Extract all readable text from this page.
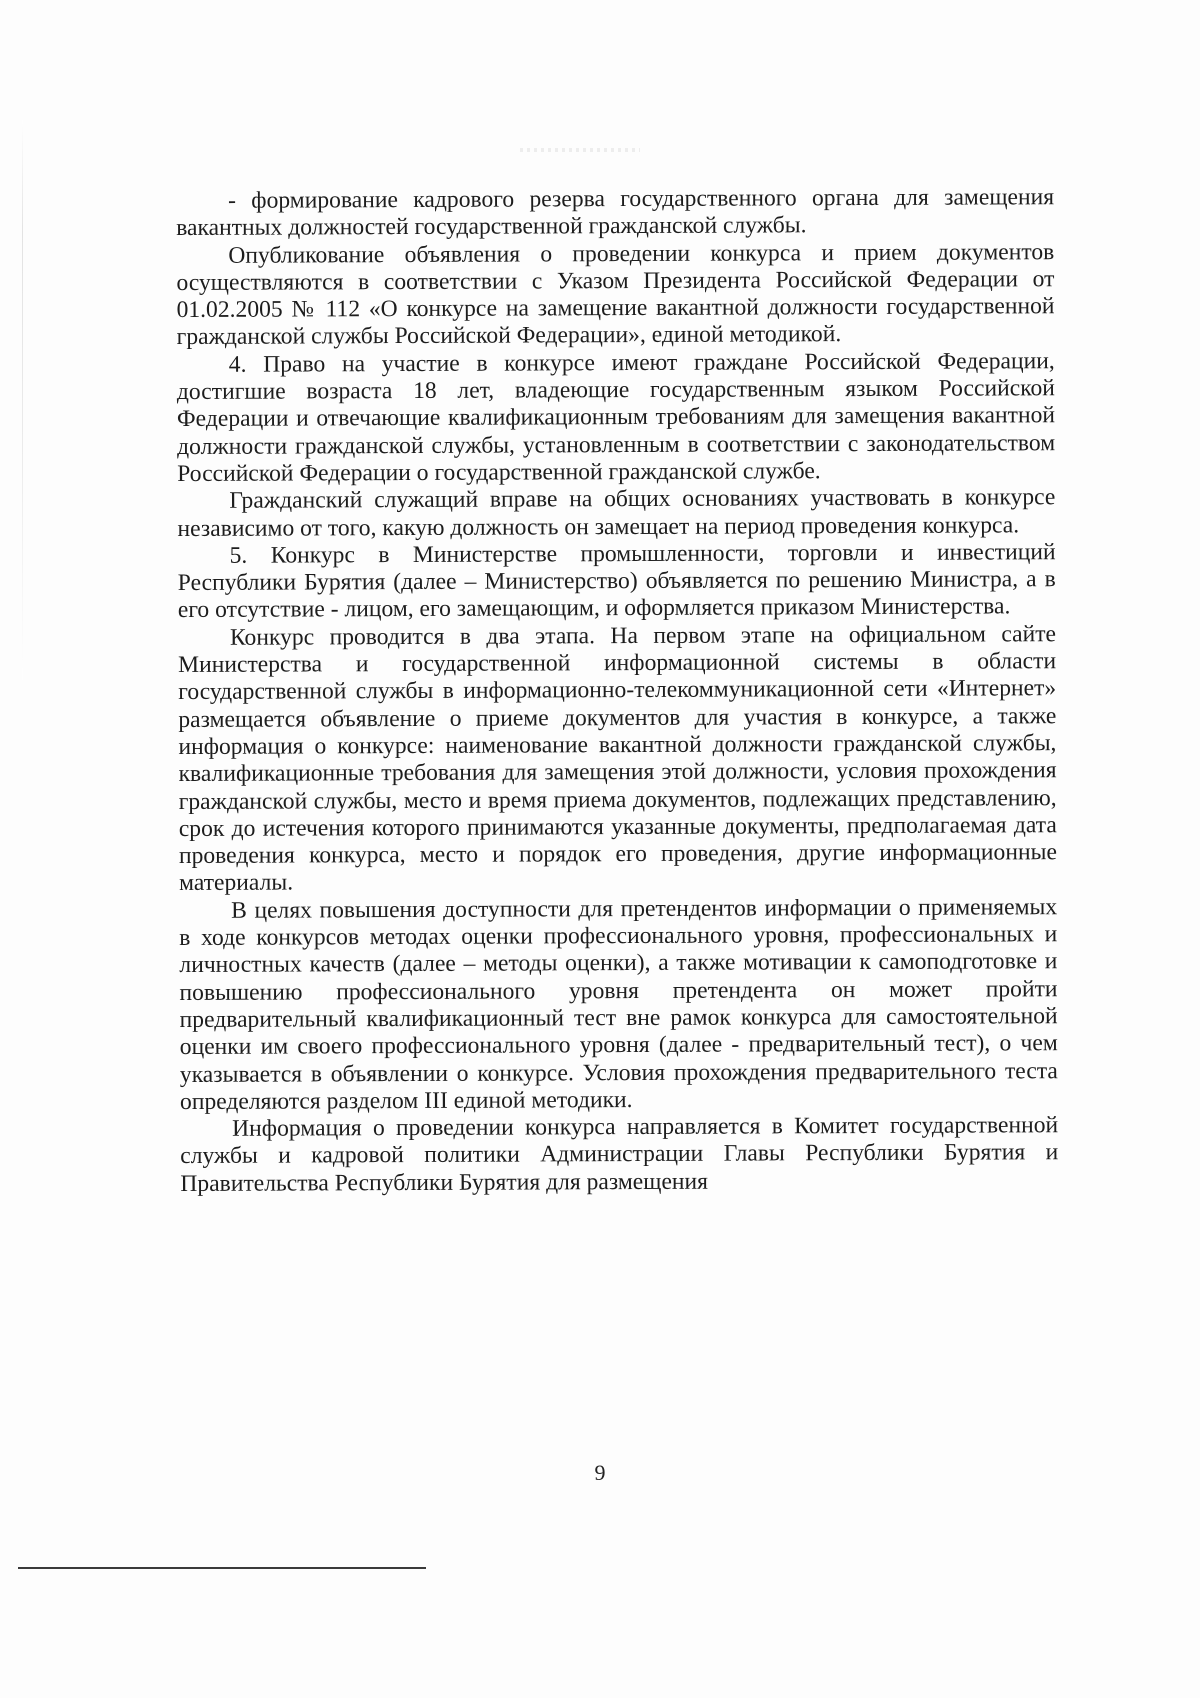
- формирование кадрового резерва государственного органа для замещения вакантных должностей государственной гражданской службы.

Опубликование объявления о проведении конкурса и прием документов осуществляются в соответствии с Указом Президента Российской Федерации от 01.02.2005 № 112 «О конкурсе на замещение вакантной должности государственной гражданской службы Российской Федерации», единой методикой.

4. Право на участие в конкурсе имеют граждане Российской Федерации, достигшие возраста 18 лет, владеющие государственным языком Российской Федерации и отвечающие квалификационным требованиям для замещения вакантной должности гражданской службы, установленным в соответствии с законодательством Российской Федерации о государственной гражданской службе.

Гражданский служащий вправе на общих основаниях участвовать в конкурсе независимо от того, какую должность он замещает на период проведения конкурса.

5. Конкурс в Министерстве промышленности, торговли и инвестиций Республики Бурятия (далее – Министерство) объявляется по решению Министра, а в его отсутствие - лицом, его замещающим, и оформляется приказом Министерства.

Конкурс проводится в два этапа. На первом этапе на официальном сайте Министерства и государственной информационной системы в области государственной службы в информационно-телекоммуникационной сети «Интернет» размещается объявление о приеме документов для участия в конкурсе, а также информация о конкурсе: наименование вакантной должности гражданской службы, квалификационные требования для замещения этой должности, условия прохождения гражданской службы, место и время приема документов, подлежащих представлению, срок до истечения которого принимаются указанные документы, предполагаемая дата проведения конкурса, место и порядок его проведения, другие информационные материалы.

В целях повышения доступности для претендентов информации о применяемых в ходе конкурсов методах оценки профессионального уровня, профессиональных и личностных качеств (далее – методы оценки), а также мотивации к самоподготовке и повышению профессионального уровня претендента он может пройти предварительный квалификационный тест вне рамок конкурса для самостоятельной оценки им своего профессионального уровня (далее - предварительный тест), о чем указывается в объявлении о конкурсе. Условия прохождения предварительного теста определяются разделом III единой методики.

Информация о проведении конкурса направляется в Комитет государственной службы и кадровой политики Администрации Главы Республики Бурятия и Правительства Республики Бурятия для размещения

9
